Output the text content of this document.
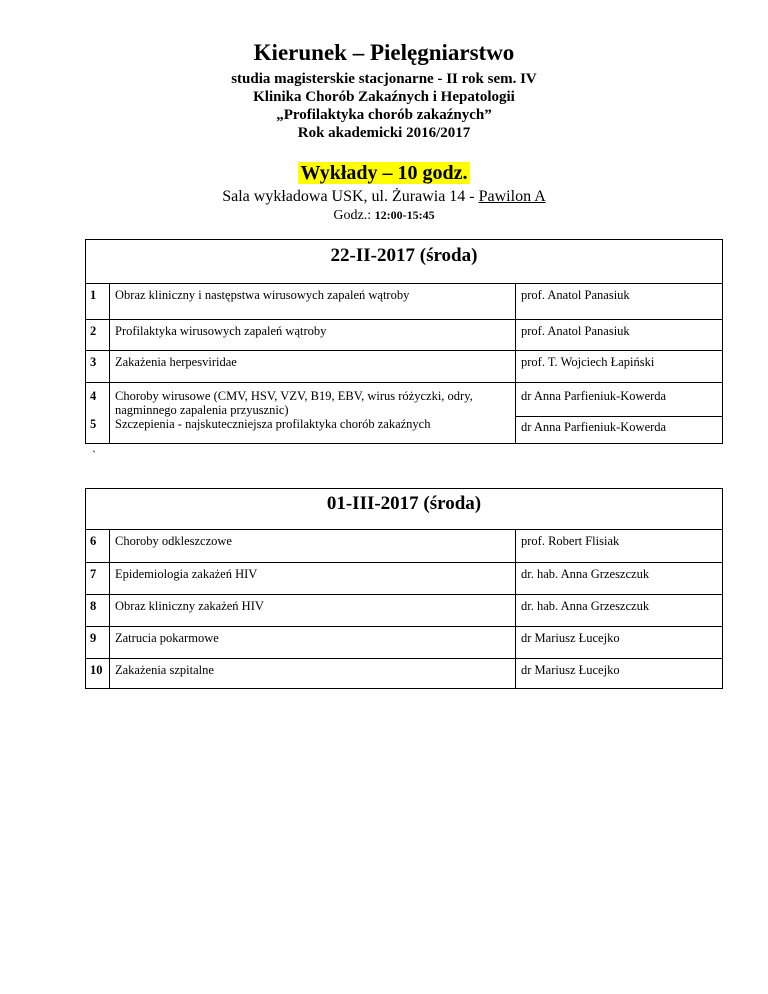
Kierunek – Pielęgniarstwo
studia magisterskie stacjonarne - II rok sem. IV
Klinika Chorób Zakaźnych i Hepatologii
„Profilaktyka chorób zakaźnych”
Rok akademicki 2016/2017
Wykłady – 10 godz.
Sala wykładowa USK, ul. Żurawia 14 - Pawilon A
Godz.: 12:00-15:45
22-II-2017 (środa)
1	Obraz kliniczny i następstwa wirusowych zapaleń wątroby	prof. Anatol Panasiuk
2	Profilaktyka wirusowych zapaleń wątroby	prof. Anatol Panasiuk
3	Zakażenia herpesviridae	prof. T. Wojciech Łapiński
4	Choroby wirusowe (CMV, HSV, VZV, B19, EBV, wirus różyczki, odry, nagminnego zapalenia przyusznic)	dr Anna Parfieniuk-Kowerda
5	Szczepienia - najskuteczniejsza profilaktyka chorób zakaźnych	dr Anna Parfieniuk-Kowerda
`
01-III-2017 (środa)
6	Choroby odkleszczowe	prof. Robert Flisiak
7	Epidemiologia zakażeń HIV	dr. hab. Anna Grzeszczuk
8	Obraz kliniczny zakażeń HIV	dr. hab. Anna Grzeszczuk
9	Zatrucia pokarmowe	dr Mariusz Łucejko
10	Zakażenia szpitalne	dr Mariusz Łucejko
